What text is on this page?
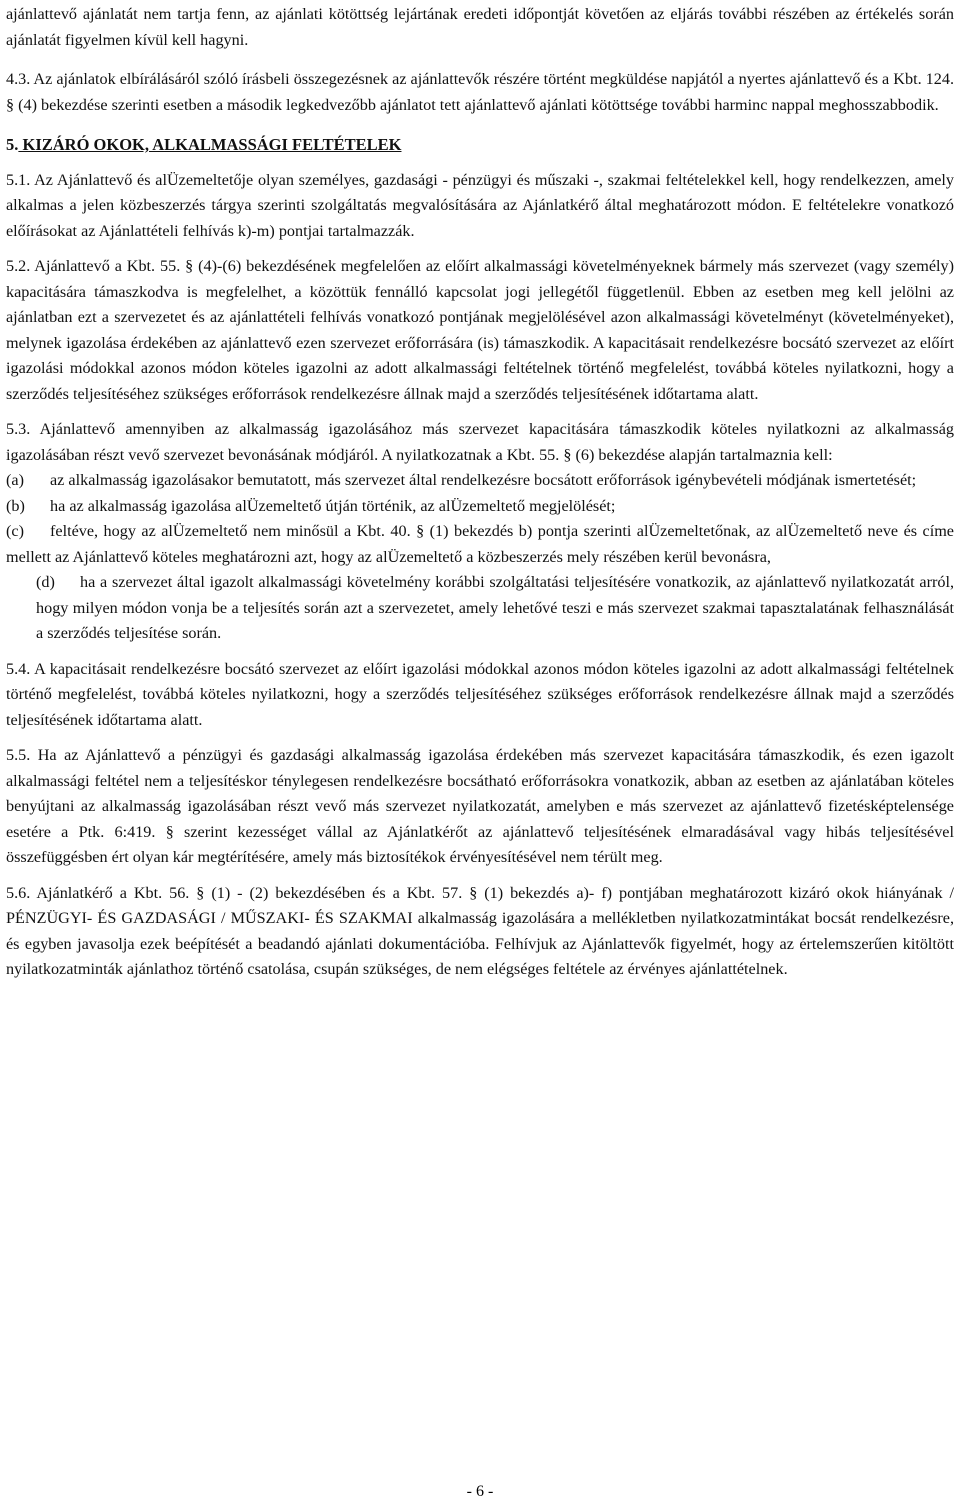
ajánlattevő ajánlatát nem tartja fenn, az ajánlati kötöttség lejártának eredeti időpontját követően az eljárás további részében az értékelés során ajánlatát figyelmen kívül kell hagyni.

4.3. Az ajánlatok elbírálásáról szóló írásbeli összegezésnek az ajánlattevők részére történt megküldése napjától a nyertes ajánlattevő és a Kbt. 124. § (4) bekezdése szerinti esetben a második legkedvezőbb ajánlatot tett ajánlattevő ajánlati kötöttsége további harminc nappal meghosszabbodik.

5. KIZÁRÓ OKOK, ALKALMASSÁGI FELTÉTELEK

5.1. Az Ajánlattevő és alÜzemeltetője olyan személyes, gazdasági - pénzügyi és műszaki -, szakmai feltételekkel kell, hogy rendelkezzen, amely alkalmas a jelen közbeszerzés tárgya szerinti szolgáltatás megvalósítására az Ajánlatkérő által meghatározott módon. E feltételekre vonatkozó előírásokat az Ajánlattételi felhívás k)-m) pontjai tartalmazzák.

5.2. Ajánlattevő a Kbt. 55. § (4)-(6) bekezdésének megfelelően az előírt alkalmassági követelményeknek bármely más szervezet (vagy személy) kapacitására támaszkodva is megfelelhet, a közöttük fennálló kapcsolat jogi jellegétől függetlenül. Ebben az esetben meg kell jelölni az ajánlatban ezt a szervezetet és az ajánlattételi felhívás vonatkozó pontjának megjelölésével azon alkalmassági követelményt (követelményeket), melynek igazolása érdekében az ajánlattevő ezen szervezet erőforrására (is) támaszkodik. A kapacitásait rendelkezésre bocsátó szervezet az előírt igazolási módokkal azonos módon köteles igazolni az adott alkalmassági feltételnek történő megfelelést, továbbá köteles nyilatkozni, hogy a szerződés teljesítéséhez szükséges erőforrások rendelkezésre állnak majd a szerződés teljesítésének időtartama alatt.

5.3. Ajánlattevő amennyiben az alkalmasság igazolásához más szervezet kapacitására támaszkodik köteles nyilatkozni az alkalmasság igazolásában részt vevő szervezet bevonásának módjáról. A nyilatkozatnak a Kbt. 55. § (6) bekezdése alapján tartalmaznia kell:

(a) az alkalmasság igazolásakor bemutatott, más szervezet által rendelkezésre bocsátott erőforrások igénybevételi módjának ismertetését;

(b) ha az alkalmasság igazolása alÜzemeltető útján történik, az alÜzemeltető megjelölését;

(c) feltéve, hogy az alÜzemeltető nem minősül a Kbt. 40. § (1) bekezdés b) pontja szerinti alÜzemeltetőnak, az alÜzemeltető neve és címe mellett az Ajánlattevő köteles meghatározni azt, hogy az alÜzemeltető a közbeszerzés mely részében kerül bevonásra,

(d) ha a szervezet által igazolt alkalmassági követelmény korábbi szolgáltatási teljesítésére vonatkozik, az ajánlattevő nyilatkozatát arról, hogy milyen módon vonja be a teljesítés során azt a szervezetet, amely lehetővé teszi e más szervezet szakmai tapasztalatának felhasználását a szerződés teljesítése során.

5.4. A kapacitásait rendelkezésre bocsátó szervezet az előírt igazolási módokkal azonos módon köteles igazolni az adott alkalmassági feltételnek történő megfelelést, továbbá köteles nyilatkozni, hogy a szerződés teljesítéséhez szükséges erőforrások rendelkezésre állnak majd a szerződés teljesítésének időtartama alatt.

5.5. Ha az Ajánlattevő a pénzügyi és gazdasági alkalmasság igazolása érdekében más szervezet kapacitására támaszkodik, és ezen igazolt alkalmassági feltétel nem a teljesítéskor ténylegesen rendelkezésre bocsátható erőforrásokra vonatkozik, abban az esetben az ajánlatában köteles benyújtani az alkalmasság igazolásában részt vevő más szervezet nyilatkozatát, amelyben e más szervezet az ajánlattevő fizetésképtelensége esetére a Ptk. 6:419. § szerint kezességet vállal az Ajánlatkérőt az ajánlattevő teljesítésének elmaradásával vagy hibás teljesítésével összefüggésben ért olyan kár megtérítésére, amely más biztosítékok érvényesítésével nem térült meg.

5.6. Ajánlatkérő a Kbt. 56. § (1) - (2) bekezdésében és a Kbt. 57. § (1) bekezdés a)- f) pontjában meghatározott kizáró okok hiányának / PÉNZÜGYI- ÉS GAZDASÁGI / MŰSZAKI- ÉS SZAKMAI alkalmasság igazolására a mellékletben nyilatkozatmintákat bocsát rendelkezésre, és egyben javasolja ezek beépítését a beadandó ajánlati dokumentációba. Felhívjuk az Ajánlattevők figyelmét, hogy az értelemszerűen kitöltött nyilatkozatminták ajánlathoz történő csatolása, csupán szükséges, de nem elégséges feltétele az érvényes ajánlattételnek.

- 6 -
